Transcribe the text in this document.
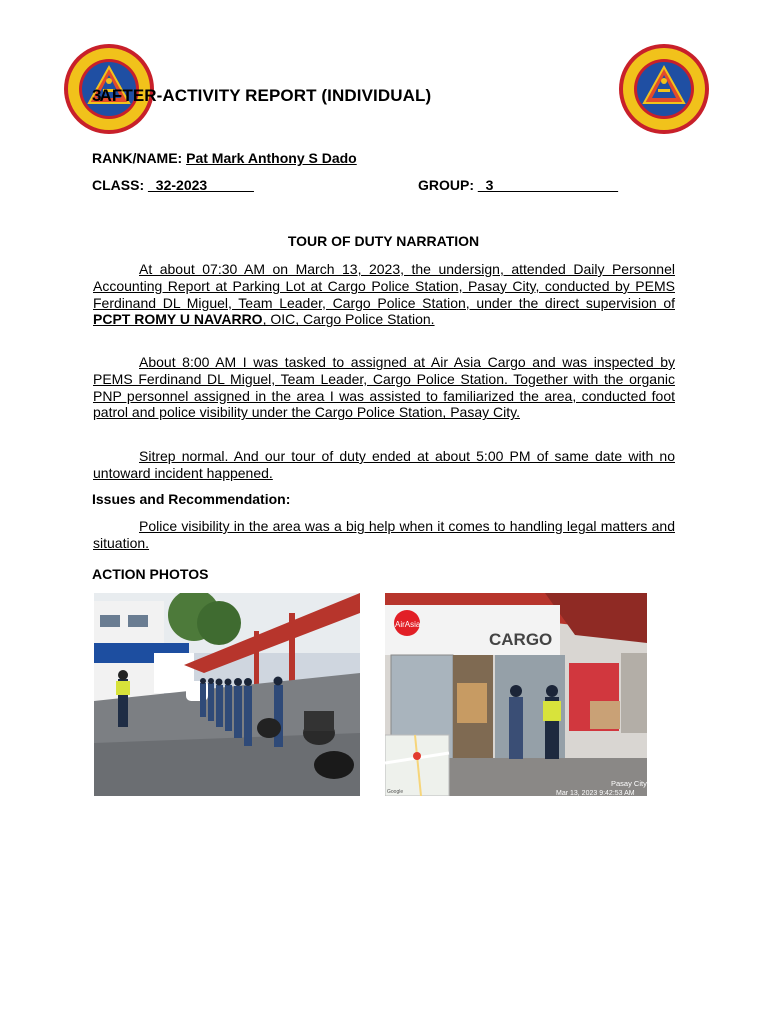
3AFTER-ACTIVITY REPORT (INDIVIDUAL)
RANK/NAME: Pat Mark Anthony S Dado
CLASS: _32-2023______	GROUP: _3________________
TOUR OF DUTY NARRATION
At about 07:30 AM on March 13, 2023, the undersign, attended Daily Personnel Accounting Report at Parking Lot at Cargo Police Station, Pasay City, conducted by PEMS Ferdinand DL Miguel, Team Leader, Cargo Police Station, under the direct supervision of PCPT ROMY U NAVARRO, OIC, Cargo Police Station.
About 8:00 AM I was tasked to assigned at Air Asia Cargo and was inspected by PEMS Ferdinand DL Miguel, Team Leader, Cargo Police Station. Together with the organic PNP personnel assigned in the area I was assisted to familiarized the area, conducted foot patrol and police visibility under the Cargo Police Station, Pasay City.
Sitrep normal. And our tour of duty ended at about 5:00 PM of same date with no untoward incident happened.
Issues and Recommendation:
Police visibility in the area was a big help when it comes to handling legal matters and situation.
ACTION PHOTOS
AirAsia
CARGO
Google
Pasay City
Mar 13, 2023 9:42:53 AM
